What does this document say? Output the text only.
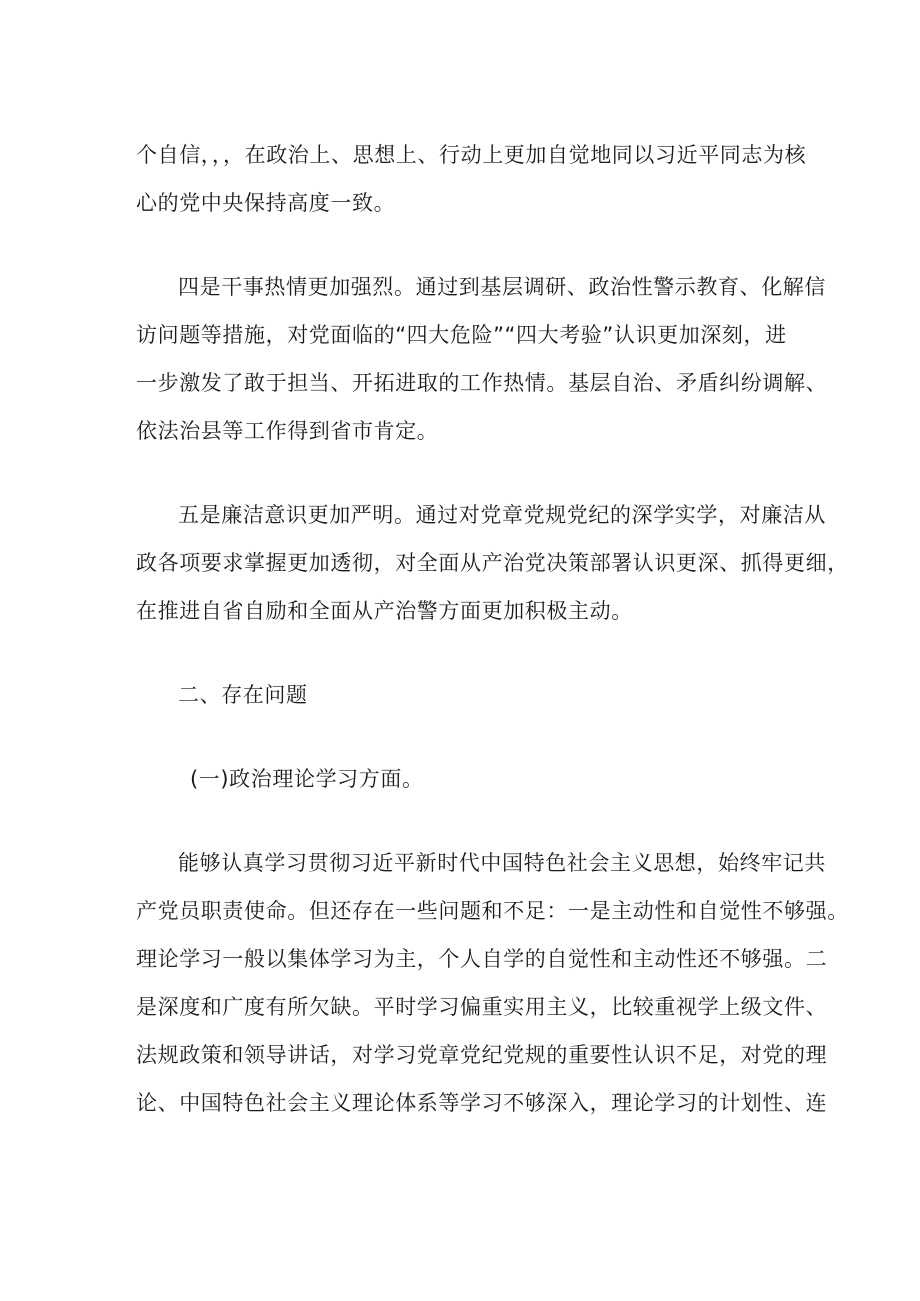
个自信，，，在政治上、思想上、行动上更加自觉地同以习近平同志为核
心的党中央保持高度一致。
四是干事热情更加强烈。通过到基层调研、政治性警示教育、化解信
访问题等措施，对党面临的“四大危险”“四大考验”认识更加深刻，进
一步激发了敢于担当、开拓进取的工作热情。基层自治、矛盾纠纷调解、
依法治县等工作得到省市肯定。
五是廉洁意识更加严明。通过对党章党规党纪的深学实学，对廉洁从
政各项要求掌握更加透彻，对全面从产治党决策部署认识更深、抓得更细，
在推进自省自励和全面从产治警方面更加积极主动。
二、存在问题
(一)政治理论学习方面。
能够认真学习贯彻习近平新时代中国特色社会主义思想，始终牢记共
产党员职责使命。但还存在一些问题和不足：一是主动性和自觉性不够强。
理论学习一般以集体学习为主，个人自学的自觉性和主动性还不够强。二
是深度和广度有所欠缺。平时学习偏重实用主义，比较重视学上级文件、
法规政策和领导讲话，对学习党章党纪党规的重要性认识不足，对党的理
论、中国特色社会主义理论体系等学习不够深入，理论学习的计划性、连
